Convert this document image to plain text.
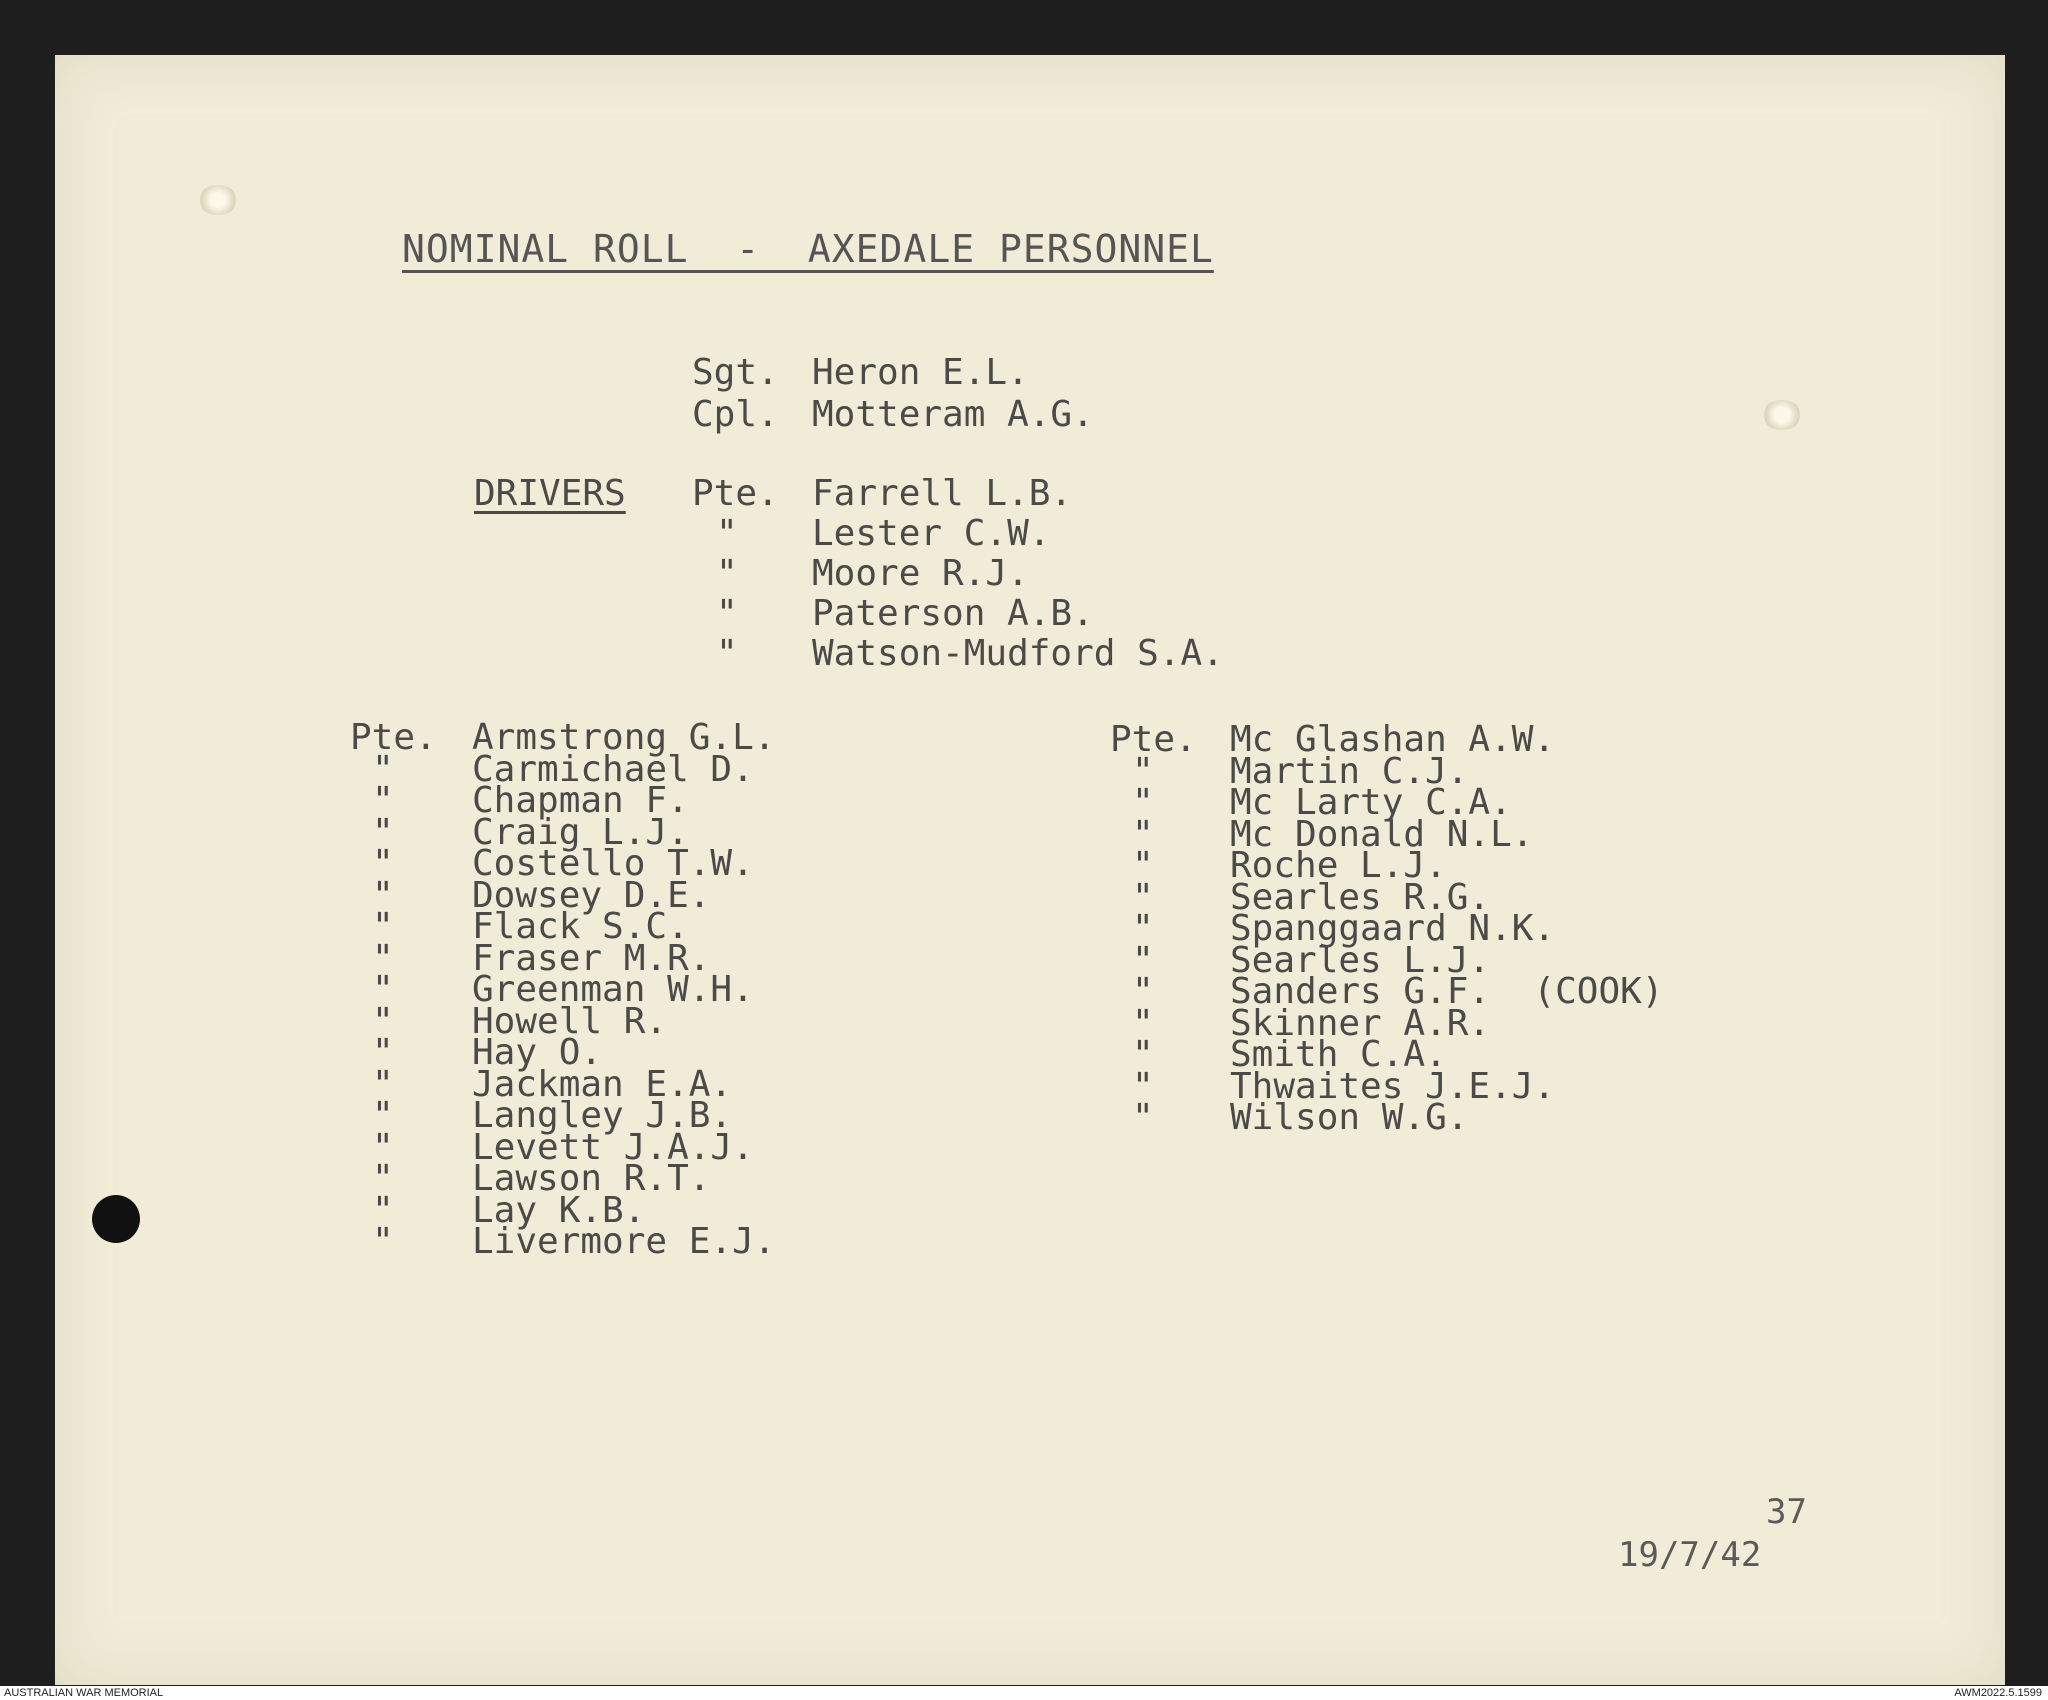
NOMINAL ROLL  -  AXEDALE PERSONNEL
Sgt. Heron E.L.
Cpl. Motteram A.G.
DRIVERS Pte. Farrell L.B.
" Lester C.W.
" Moore R.J.
" Paterson A.B.
" Watson-Mudford S.A.
Pte. Armstrong G.L.
" Carmichael D.
" Chapman F.
" Craig L.J.
" Costello T.W.
" Dowsey D.E.
" Flack S.C.
" Fraser M.R.
" Greenman W.H.
" Howell R.
" Hay O.
" Jackman E.A.
" Langley J.B.
" Levett J.A.J.
" Lawson R.T.
" Lay K.B.
" Livermore E.J.
Pte. Mc Glashan A.W.
" Martin C.J.
" Mc Larty C.A.
" Mc Donald N.L.
" Roche L.J.
" Searles R.G.
" Spanggaard N.K.
" Searles L.J.
" Sanders G.F.  (COOK)
" Skinner A.R.
" Smith C.A.
" Thwaites J.E.J.
" Wilson W.G.
37
19/7/42
AUSTRALIAN WAR MEMORIAL	AWM2022.5.1599
